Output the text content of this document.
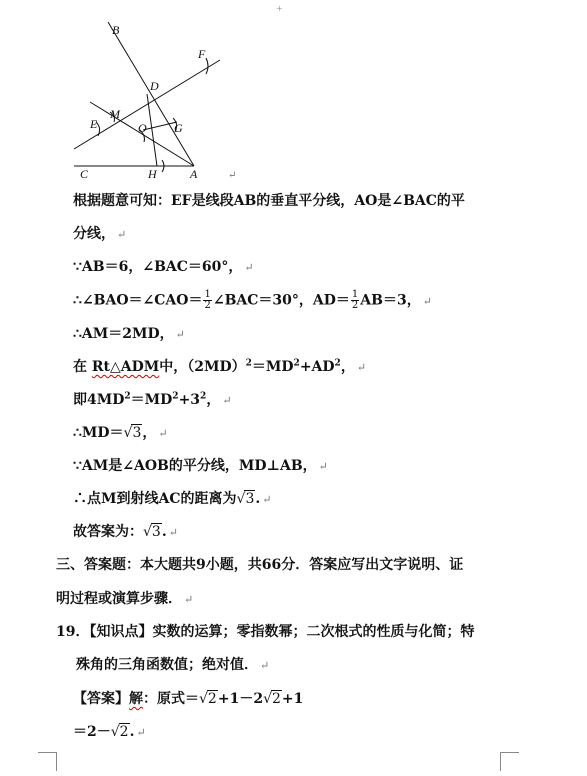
+
B
F
D
M
E	O G
C	H	A	↵
根据题意可知：EF是线段AB的垂直平分线，AO是∠BAC的平
分线， ↵
∵AB＝6，∠BAC＝60°， ↵
∴∠BAO＝∠CAO＝ $\frac{1}{2}$ ∠BAC＝30°，$AD= \frac{1}{2} AB=3$， ↵
∴AM＝2MD， ↵
在 Rt△ADM中，$(2MD)^2=MD^2+AD^2$， ↵
即$4MD^2=MD^2+3^2$， ↵
∴MD＝√3， ↵
∵AM是∠AOB的平分线，MD⊥AB， ↵
∴点M到射线AC的距离为√3. ↵
故答案为：√3. ↵
三、答案题：本大题共9小题，共66分．答案应写出文字说明、证
明过程或演算步骤． ↵
19．【知识点】实数的运算；零指数幂；二次根式的性质与化简；特
殊角的三角函数值；绝对值． ↵
【答案】解：原式＝√2+1－2√2+1
＝2－√2. ↵
